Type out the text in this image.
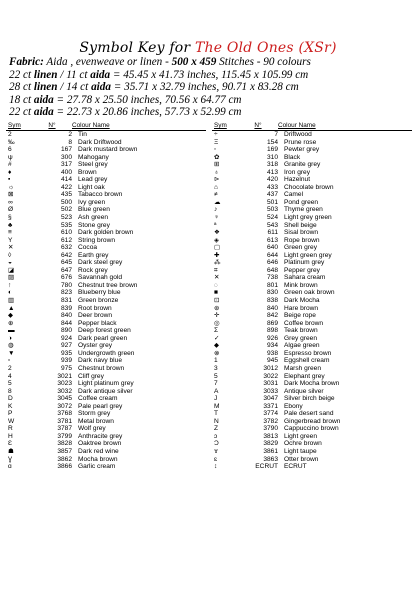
Symbol Key for The Old Ones (XSr)
Fabric: Aida , evenweave or linen - 500 x 459 Stitches - 90 colours
22 ct linen / 11 ct aida = 45.45 x 41.73 inches, 115.45 x 105.99 cm
28 ct linen / 14 ct aida = 35.71 x 32.79 inches, 90.71 x 83.28 cm
18 ct aida = 27.78 x 25.50 inches, 70.56 x 64.77 cm
22 ct aida = 22.73 x 20.86 inches, 57.73 x 52.99 cm
Sym	N°	Colour Name
2	2 Tin
‰	8 Dark Driftwood
6	167 Dark mustard brown
ψ	300 Mahogany
#	317 Steel grey
♦	400 Brown
▪	414 Lead grey
☼	422 Light oak
⊠	435 Tabacco brown
∞	500 Ivy green
Ø	502 Blue green
§	523 Ash green
♣	535 Stone grey
≡	610 Dark golden brown
Y	612 String brown
✕	632 Cocoa
◊	642 Earth grey
◒	645 Dark steel grey
◪	647 Rock grey
▨	676 Savannah gold
↑	780 Chestnut tree brown
◐	823 Blueberry blue
▥	831 Green bronze
▲	839 Root brown
◆	840 Deer brown
⊕	844 Pepper black
▬	890 Deep forest green
◑	924 Dark pearl green
◍	927 Oyster grey
▼	935 Undergrowth green
▫	939 Dark navy blue
2	975 Chestnut brown
4	3021 Cliff grey
5	3023 Light platinum grey
8	3032 Dark antique silver
D	3045 Coffee cream
K	3072 Pale pearl grey
P	3768 Storm grey
W	3781 Metal brown
R	3787 Wolf grey
H	3799 Anthracite grey
Ɛ	3828 Oaktree brown
☗	3857 Dark red wine
Ɣ	3862 Mocha brown
ɑ	3866 Garlic cream
Sym	N°	Colour Name
÷	7 Driftwood
Ξ	154 Prune rose
◦	169 Pewter grey
✿	310 Black
⊞	318 Granite grey
♁	413 Iron grey
⊳	420 Hazelnut
⌂	433 Chocolate brown
≠	437 Camel
☁	501 Pond green
♪	503 Thyme green
♆	524 Light grey green
ª	543 Shell beige
❖	611 Sisal brown
◈	613 Rope brown
▢	640 Green grey
✚	644 Light green grey
⁂	646 Platinum grey
⌗	648 Pepper grey
✕	738 Sahara cream
◌	801 Mink brown
■	830 Green oak brown
⊡	838 Dark Mocha
⊛	840 Hare brown
✛	842 Beige rope
◎	869 Coffee brown
Σ	898 Teak brown
✓	926 Grey green
◆	934 Algae green
⊗	938 Espresso brown
1	945 Eggshell cream
3	3012 Marsh green
5	3022 Elephant grey
7	3031 Dark Mocha brown
A	3033 Antique silver
J	3047 Silver birch beige
M	3371 Ebony
T	3774 Pale desert sand
N	3782 Gingerbread brown
Z	3790 Cappuccino brown
ɔ	3813 Light green
Ɔ	3829 Ochre brown
ɤ	3861 Light taupe
ɛ	3863 Otter brown
↕	ECRUT ECRUT
